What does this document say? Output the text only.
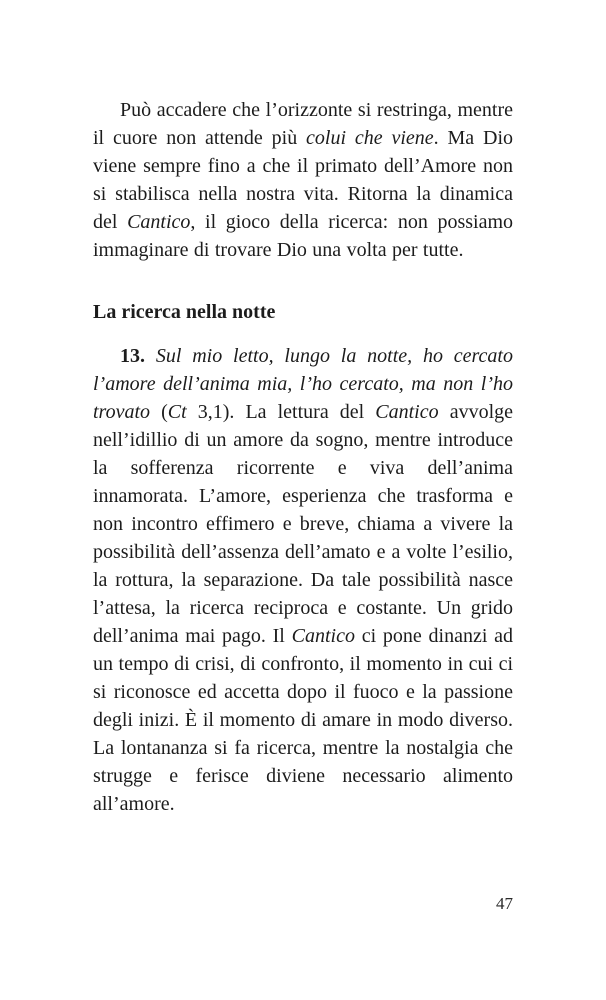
Può accadere che l’orizzonte si restringa, mentre il cuore non attende più colui che viene. Ma Dio viene sempre fino a che il primato dell’Amore non si stabilisca nella nostra vita. Ritorna la dinamica del Cantico, il gioco della ricerca: non possiamo immaginare di trovare Dio una volta per tutte.

La ricerca nella notte

13. Sul mio letto, lungo la notte, ho cercato l’amore dell’anima mia, l’ho cercato, ma non l’ho trovato (Ct 3,1). La lettura del Cantico avvolge nell’idillio di un amore da sogno, mentre introduce la sofferenza ricorrente e viva dell’anima innamorata. L’amore, esperienza che trasforma e non incontro effimero e breve, chiama a vivere la possibilità dell’assenza dell’amato e a volte l’esilio, la rottura, la separazione. Da tale possibilità nasce l’attesa, la ricerca reciproca e costante. Un grido dell’anima mai pago. Il Cantico ci pone dinanzi ad un tempo di crisi, di confronto, il momento in cui ci si riconosce ed accetta dopo il fuoco e la passione degli inizi. È il momento di amare in modo diverso. La lontananza si fa ricerca, mentre la nostalgia che strugge e ferisce diviene necessario alimento all’amore.

47
